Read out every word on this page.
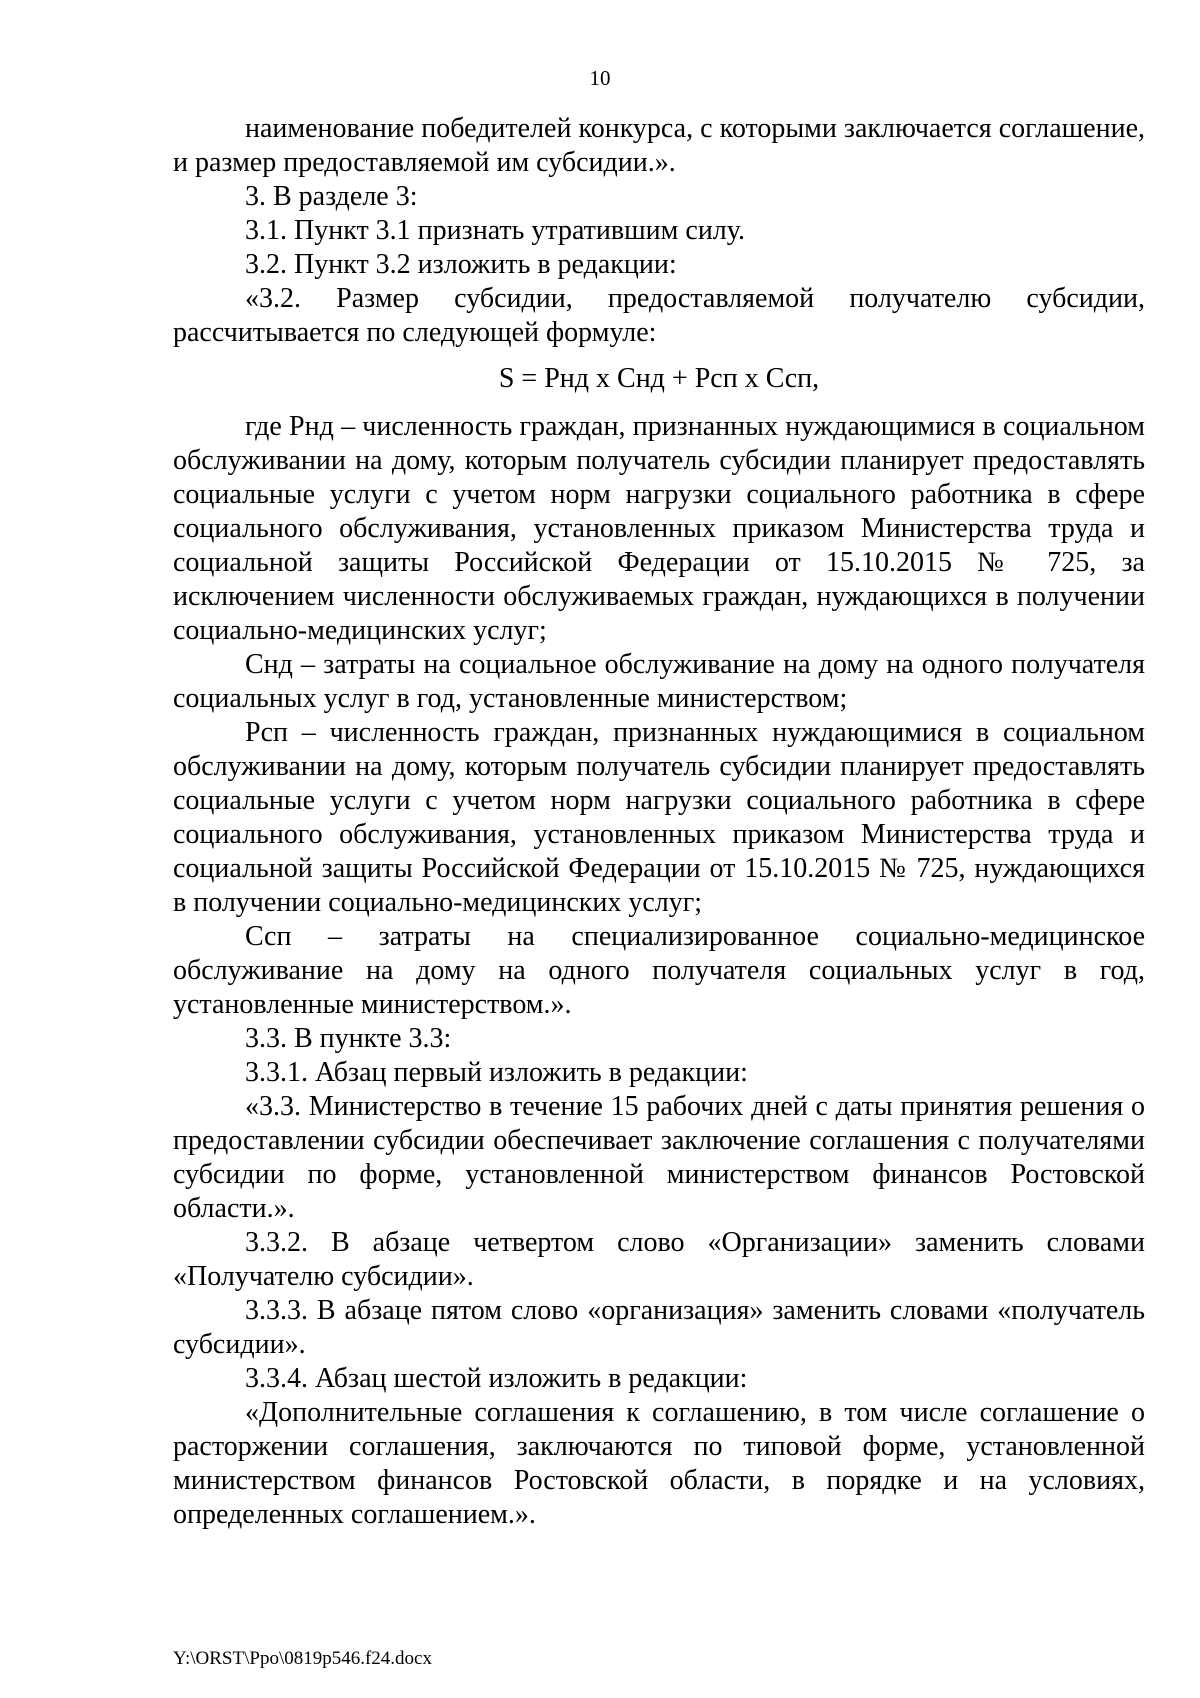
10

наименование победителей конкурса, с которыми заключается соглашение, и размер предоставляемой им субсидии.».

3. В разделе 3:

3.1. Пункт 3.1 признать утратившим силу.

3.2. Пункт 3.2 изложить в редакции:

«3.2. Размер субсидии, предоставляемой получателю субсидии, рассчитывается по следующей формуле:

S = Рнд х Снд + Рсп х Ссп,

где Рнд – численность граждан, признанных нуждающимися в социальном обслуживании на дому, которым получатель субсидии планирует предоставлять социальные услуги с учетом норм нагрузки социального работника в сфере социального обслуживания, установленных приказом Министерства труда и социальной защиты Российской Федерации от 15.10.2015 № 725, за исключением численности обслуживаемых граждан, нуждающихся в получении социально-медицинских услуг;

Снд – затраты на социальное обслуживание на дому на одного получателя социальных услуг в год, установленные министерством;

Рсп – численность граждан, признанных нуждающимися в социальном обслуживании на дому, которым получатель субсидии планирует предоставлять социальные услуги с учетом норм нагрузки социального работника в сфере социального обслуживания, установленных приказом Министерства труда и социальной защиты Российской Федерации от 15.10.2015 № 725, нуждающихся в получении социально-медицинских услуг;

Ссп – затраты на специализированное социально-медицинское обслуживание на дому на одного получателя социальных услуг в год, установленные министерством.».

3.3. В пункте 3.3:

3.3.1. Абзац первый изложить в редакции:

«3.3. Министерство в течение 15 рабочих дней с даты принятия решения о предоставлении субсидии обеспечивает заключение соглашения с получателями субсидии по форме, установленной министерством финансов Ростовской области.».

3.3.2. В абзаце четвертом слово «Организации» заменить словами «Получателю субсидии».

3.3.3. В абзаце пятом слово «организация» заменить словами «получатель субсидии».

3.3.4. Абзац шестой изложить в редакции:

«Дополнительные соглашения к соглашению, в том числе соглашение о расторжении соглашения, заключаются по типовой форме, установленной министерством финансов Ростовской области, в порядке и на условиях, определенных соглашением.».

Y:\ORST\Ppo\0819p546.f24.docx
